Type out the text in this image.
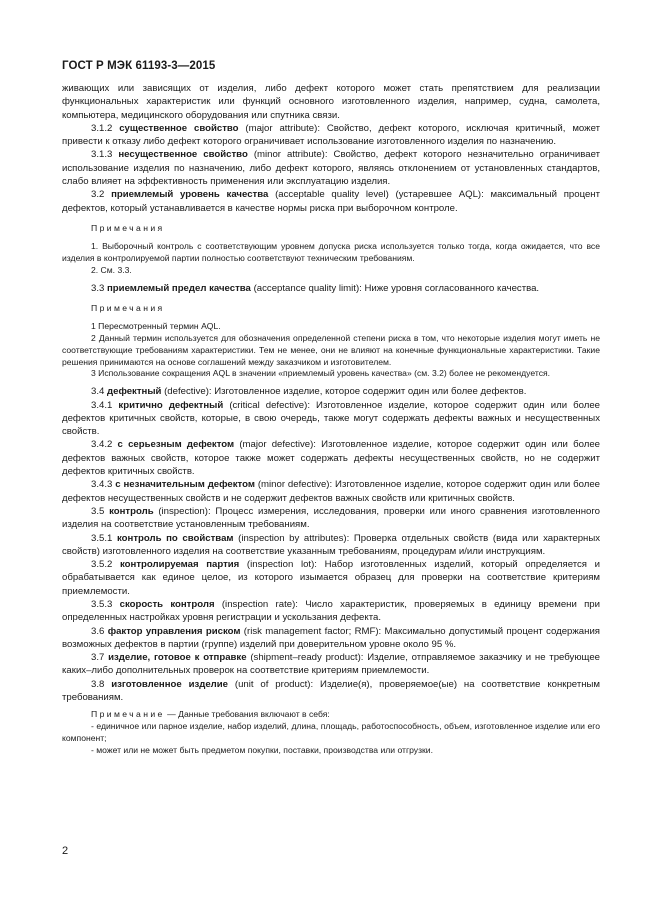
ГОСТ Р МЭК 61193-3—2015

живающих или зависящих от изделия, либо дефект которого может стать препятствием для реализации функциональных характеристик или функций основного изготовленного изделия, например, судна, самолета, компьютера, медицинского оборудования или спутника связи.

3.1.2 существенное свойство (major attribute): Свойство, дефект которого, исключая критичный, может привести к отказу либо дефект которого ограничивает использование изготовленного изделия по назначению.

3.1.3 несущественное свойство (minor attribute): Свойство, дефект которого незначительно ограничивает использование изделия по назначению, либо дефект которого, являясь отклонением от установленных стандартов, слабо влияет на эффективность применения или эксплуатацию изделия.

3.2 приемлемый уровень качества (acceptable quality level) (устаревшее AQL): максимальный процент дефектов, который устанавливается в качестве нормы риска при выборочном контроле.

Примечания

1. Выборочный контроль с соответствующим уровнем допуска риска используется только тогда, когда ожидается, что все изделия в контролируемой партии полностью соответствуют техническим требованиям.

2. См. 3.3.

3.3 приемлемый предел качества (acceptance quality limit): Ниже уровня согласованного качества.

Примечания

1 Пересмотренный термин AQL.

2 Данный термин используется для обозначения определенной степени риска в том, что некоторые изделия могут иметь не соответствующие требованиям характеристики. Тем не менее, они не влияют на конечные функциональные характеристики. Такие решения принимаются на основе соглашений между заказчиком и изготовителем.

3 Использование сокращения AQL в значении «приемлемый уровень качества» (см. 3.2) более не рекомендуется.

3.4 дефектный (defective): Изготовленное изделие, которое содержит один или более дефектов.

3.4.1 критично дефектный (critical defective): Изготовленное изделие, которое содержит один или более дефектов критичных свойств, которые, в свою очередь, также могут содержать дефекты важных и несущественных свойств.

3.4.2 с серьезным дефектом (major defective): Изготовленное изделие, которое содержит один или более дефектов важных свойств, которое также может содержать дефекты несущественных свойств, но не содержит дефектов критичных свойств.

3.4.3 с незначительным дефектом (minor defective): Изготовленное изделие, которое содержит один или более дефектов несущественных свойств и не содержит дефектов важных свойств или критичных свойств.

3.5 контроль (inspection): Процесс измерения, исследования, проверки или иного сравнения изготовленного изделия на соответствие установленным требованиям.

3.5.1 контроль по свойствам (inspection by attributes): Проверка отдельных свойств (вида или характерных свойств) изготовленного изделия на соответствие указанным требованиям, процедурам и/или инструкциям.

3.5.2 контролируемая партия (inspection lot): Набор изготовленных изделий, который определяется и обрабатывается как единое целое, из которого изымается образец для проверки на соответствие критериям приемлемости.

3.5.3 скорость контроля (inspection rate): Число характеристик, проверяемых в единицу времени при определенных настройках уровня регистрации и ускользания дефекта.

3.6 фактор управления риском (risk management factor; RMF): Максимально допустимый процент содержания возможных дефектов в партии (группе) изделий при доверительном уровне около 95 %.

3.7 изделие, готовое к отправке (shipment–ready product): Изделие, отправляемое заказчику и не требующее каких–либо дополнительных проверок на соответствие критериям приемлемости.

3.8 изготовленное изделие (unit of product): Изделие(я), проверяемое(ые) на соответствие конкретным требованиям.

Примечание — Данные требования включают в себя:

- единичное или парное изделие, набор изделий, длина, площадь, работоспособность, объем, изготовленное изделие или его компонент;

- может или не может быть предметом покупки, поставки, производства или отгрузки.

2
